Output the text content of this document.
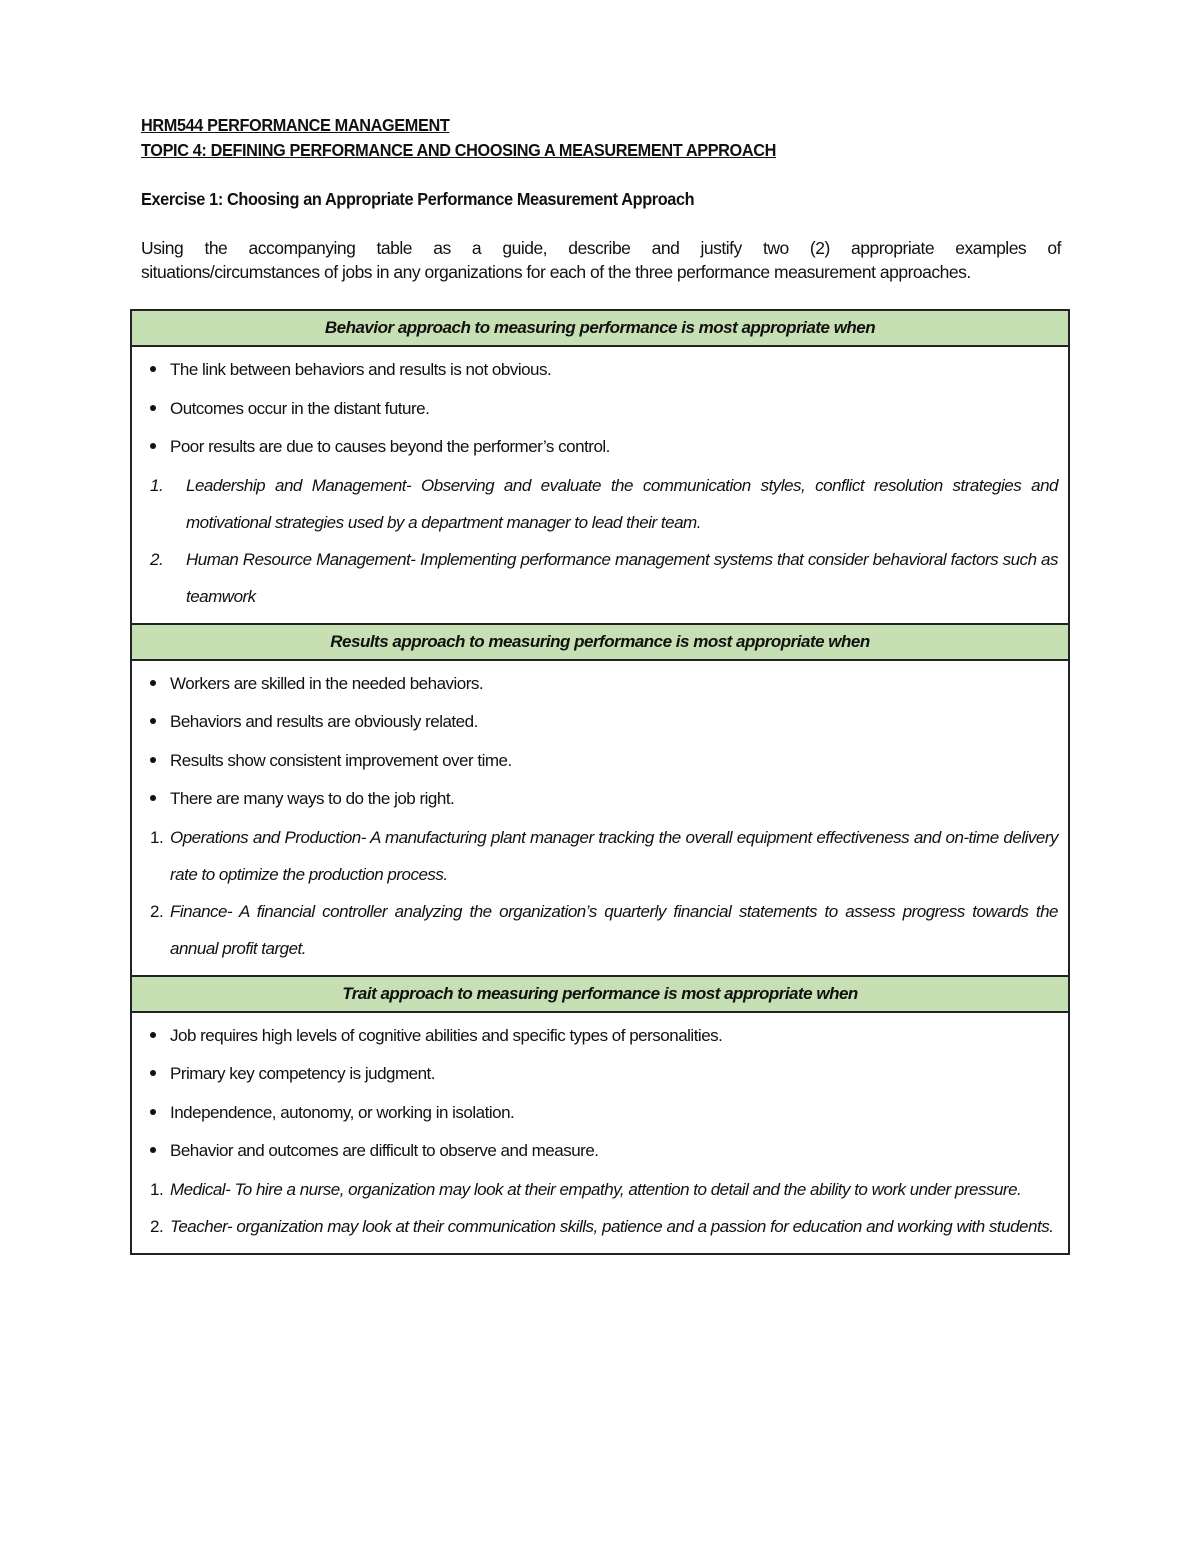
HRM544 PERFORMANCE MANAGEMENT
TOPIC 4: DEFINING PERFORMANCE AND CHOOSING A MEASUREMENT APPROACH
Exercise 1: Choosing an Appropriate Performance Measurement Approach
Using the accompanying table as a guide, describe and justify two (2) appropriate examples of
situations/circumstances of jobs in any organizations for each of the three performance measurement approaches.
Behavior approach to measuring performance is most appropriate when

The link between behaviors and results is not obvious.
Outcomes occur in the distant future.
Poor results are due to causes beyond the performer’s control.
1. Leadership and Management- Observing and evaluate the communication styles, conflict resolution strategies and motivational strategies used by a department manager to lead their team.
2. Human Resource Management- Implementing performance management systems that consider behavioral factors such as teamwork

Results approach to measuring performance is most appropriate when

Workers are skilled in the needed behaviors.
Behaviors and results are obviously related.
Results show consistent improvement over time.
There are many ways to do the job right.
1. Operations and Production- A manufacturing plant manager tracking the overall equipment effectiveness and on-time delivery rate to optimize the production process.
2. Finance- A financial controller analyzing the organization’s quarterly financial statements to assess progress towards the annual profit target.

Trait approach to measuring performance is most appropriate when

Job requires high levels of cognitive abilities and specific types of personalities.
Primary key competency is judgment.
Independence, autonomy, or working in isolation.
Behavior and outcomes are difficult to observe and measure.
1. Medical- To hire a nurse, organization may look at their empathy, attention to detail and the ability to work under pressure.
2. Teacher- organization may look at their communication skills, patience and a passion for education and working with students.
